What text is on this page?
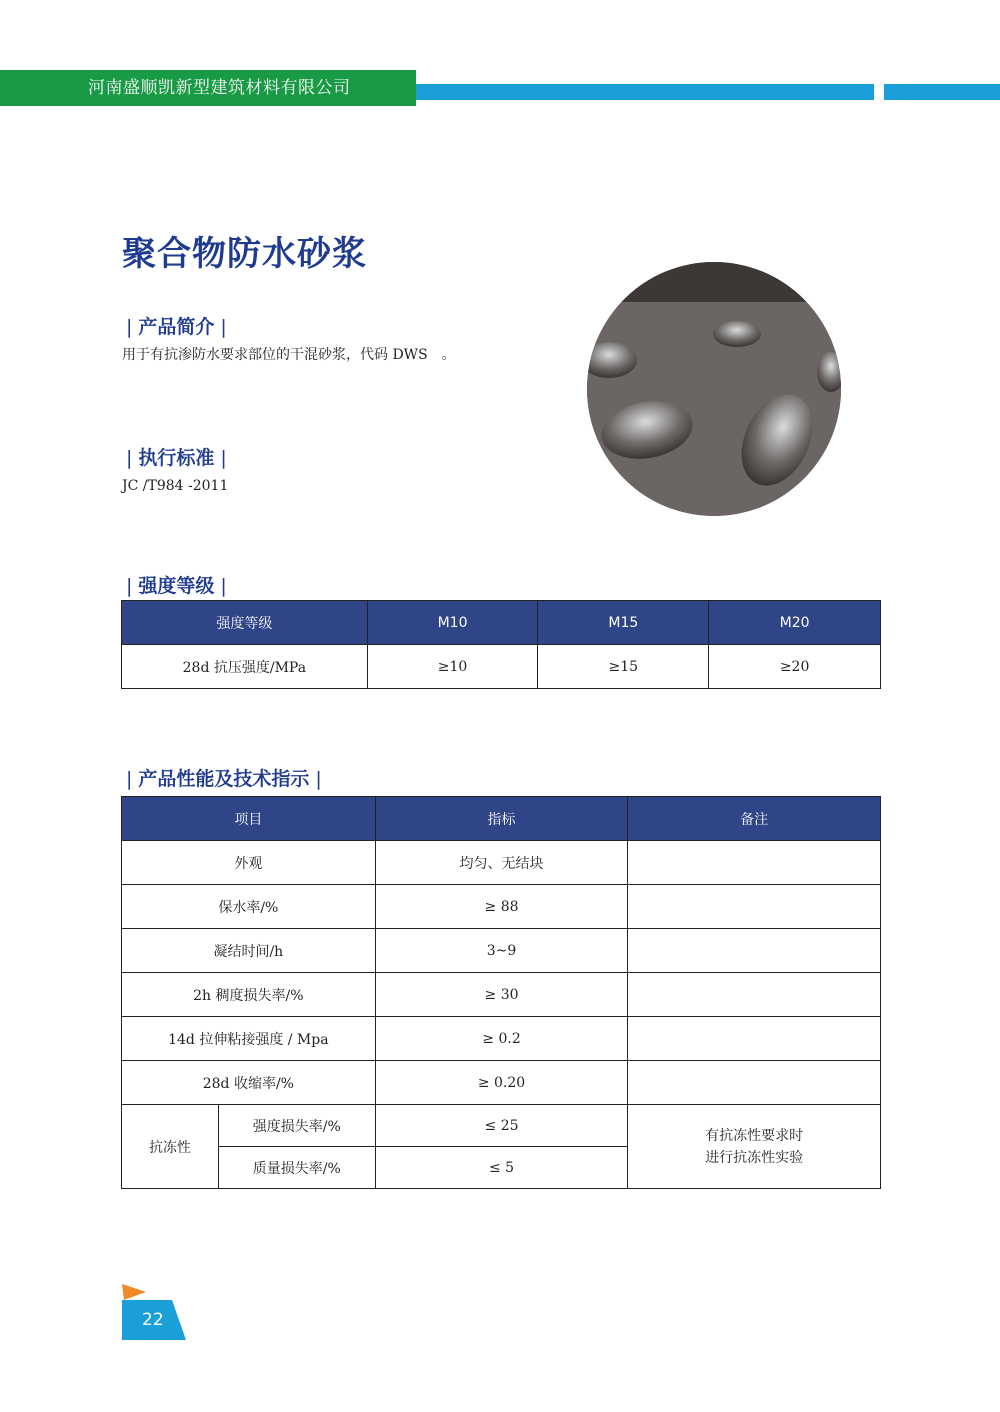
河南盛顺凯新型建筑材料有限公司
聚合物防水砂浆
| 产品简介 |
用于有抗渗防水要求部位的干混砂浆，代码 DWS　。
| 执行标准 |
JC /T984 -2011
| 强度等级 |
强度等级	M10	M15	M20
28d 抗压强度/MPa	≥10	≥15	≥20
| 产品性能及技术指示 |
项目		指标	备注
外观		均匀、无结块	
保水率/%		≥ 88	
凝结时间/h		3~9	
2h 稠度损失率/%		≥ 30	
14d 拉伸粘接强度 / Mpa		≥ 0.2	
28d 收缩率/%		≥ 0.20	
抗冻性	强度损失率/%	≤ 25	有抗冻性要求时
进行抗冻性实验

	质量损失率/%	≤ 5	
22
